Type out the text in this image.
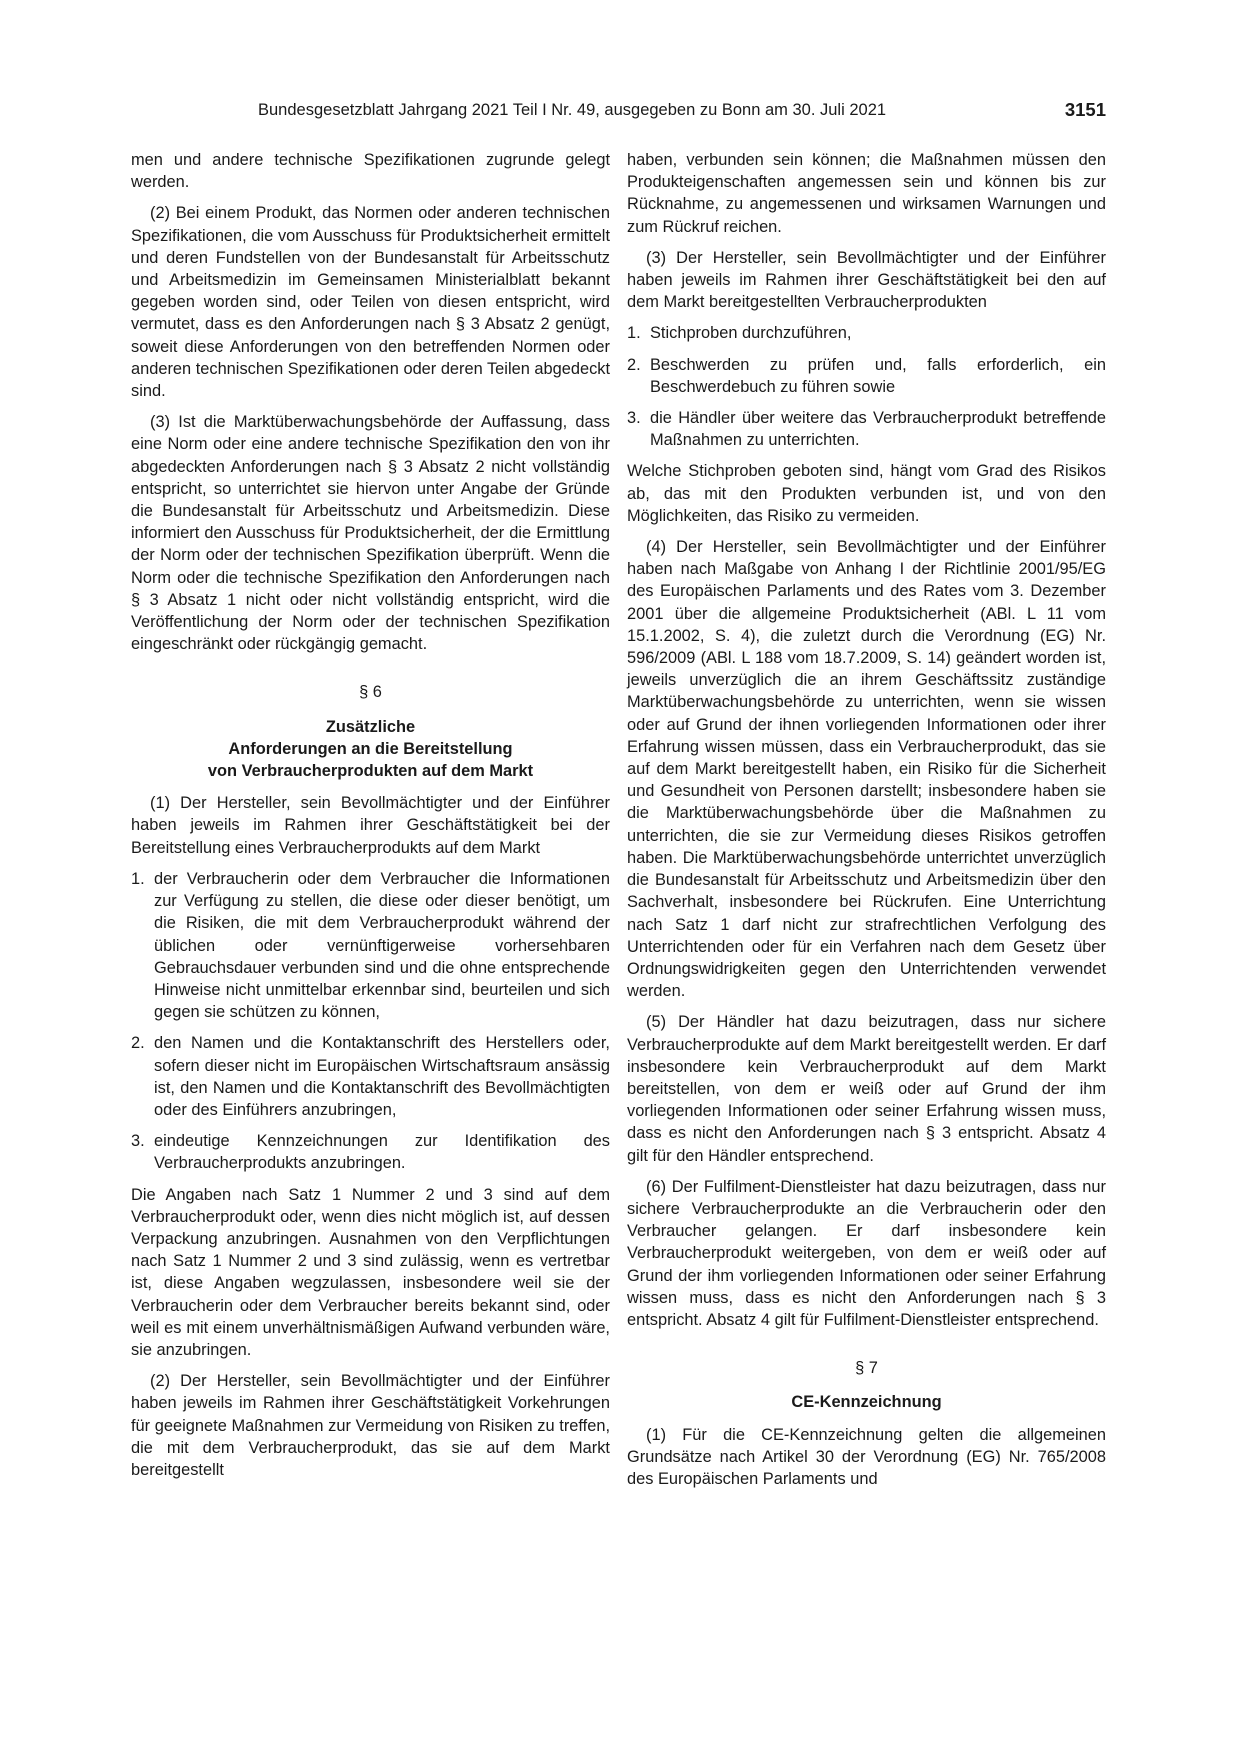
Bundesgesetzblatt Jahrgang 2021 Teil I Nr. 49, ausgegeben zu Bonn am 30. Juli 2021	3151

men und andere technische Spezifikationen zugrunde gelegt werden.

(2) Bei einem Produkt, das Normen oder anderen technischen Spezifikationen, die vom Ausschuss für Produktsicherheit ermittelt und deren Fundstellen von der Bundesanstalt für Arbeitsschutz und Arbeitsmedizin im Gemeinsamen Ministerialblatt bekannt gegeben worden sind, oder Teilen von diesen entspricht, wird vermutet, dass es den Anforderungen nach § 3 Absatz 2 genügt, soweit diese Anforderungen von den betreffenden Normen oder anderen technischen Spezifikationen oder deren Teilen abgedeckt sind.

(3) Ist die Marktüberwachungsbehörde der Auffassung, dass eine Norm oder eine andere technische Spezifikation den von ihr abgedeckten Anforderungen nach § 3 Absatz 2 nicht vollständig entspricht, so unterrichtet sie hiervon unter Angabe der Gründe die Bundesanstalt für Arbeitsschutz und Arbeitsmedizin. Diese informiert den Ausschuss für Produktsicherheit, der die Ermittlung der Norm oder der technischen Spezifikation überprüft. Wenn die Norm oder die technische Spezifikation den Anforderungen nach § 3 Absatz 1 nicht oder nicht vollständig entspricht, wird die Veröffentlichung der Norm oder der technischen Spezifikation eingeschränkt oder rückgängig gemacht.

§ 6
Zusätzliche
Anforderungen an die Bereitstellung
von Verbraucherprodukten auf dem Markt

(1) Der Hersteller, sein Bevollmächtigter und der Einführer haben jeweils im Rahmen ihrer Geschäftstätigkeit bei der Bereitstellung eines Verbraucherprodukts auf dem Markt

1. der Verbraucherin oder dem Verbraucher die Informationen zur Verfügung zu stellen, die diese oder dieser benötigt, um die Risiken, die mit dem Verbraucherprodukt während der üblichen oder vernünftigerweise vorhersehbaren Gebrauchsdauer verbunden sind und die ohne entsprechende Hinweise nicht unmittelbar erkennbar sind, beurteilen und sich gegen sie schützen zu können,
2. den Namen und die Kontaktanschrift des Herstellers oder, sofern dieser nicht im Europäischen Wirtschaftsraum ansässig ist, den Namen und die Kontaktanschrift des Bevollmächtigten oder des Einführers anzubringen,
3. eindeutige Kennzeichnungen zur Identifikation des Verbraucherprodukts anzubringen.

Die Angaben nach Satz 1 Nummer 2 und 3 sind auf dem Verbraucherprodukt oder, wenn dies nicht möglich ist, auf dessen Verpackung anzubringen. Ausnahmen von den Verpflichtungen nach Satz 1 Nummer 2 und 3 sind zulässig, wenn es vertretbar ist, diese Angaben wegzulassen, insbesondere weil sie der Verbraucherin oder dem Verbraucher bereits bekannt sind, oder weil es mit einem unverhältnismäßigen Aufwand verbunden wäre, sie anzubringen.

(2) Der Hersteller, sein Bevollmächtigter und der Einführer haben jeweils im Rahmen ihrer Geschäftstätigkeit Vorkehrungen für geeignete Maßnahmen zur Vermeidung von Risiken zu treffen, die mit dem Verbraucherprodukt, das sie auf dem Markt bereitgestellt

haben, verbunden sein können; die Maßnahmen müssen den Produkteigenschaften angemessen sein und können bis zur Rücknahme, zu angemessenen und wirksamen Warnungen und zum Rückruf reichen.

(3) Der Hersteller, sein Bevollmächtigter und der Einführer haben jeweils im Rahmen ihrer Geschäftstätigkeit bei den auf dem Markt bereitgestellten Verbraucherprodukten

1. Stichproben durchzuführen,
2. Beschwerden zu prüfen und, falls erforderlich, ein Beschwerdebuch zu führen sowie
3. die Händler über weitere das Verbraucherprodukt betreffende Maßnahmen zu unterrichten.

Welche Stichproben geboten sind, hängt vom Grad des Risikos ab, das mit den Produkten verbunden ist, und von den Möglichkeiten, das Risiko zu vermeiden.

(4) Der Hersteller, sein Bevollmächtigter und der Einführer haben nach Maßgabe von Anhang I der Richtlinie 2001/95/EG des Europäischen Parlaments und des Rates vom 3. Dezember 2001 über die allgemeine Produktsicherheit (ABl. L 11 vom 15.1.2002, S. 4), die zuletzt durch die Verordnung (EG) Nr. 596/2009 (ABl. L 188 vom 18.7.2009, S. 14) geändert worden ist, jeweils unverzüglich die an ihrem Geschäftssitz zuständige Marktüberwachungsbehörde zu unterrichten, wenn sie wissen oder auf Grund der ihnen vorliegenden Informationen oder ihrer Erfahrung wissen müssen, dass ein Verbraucherprodukt, das sie auf dem Markt bereitgestellt haben, ein Risiko für die Sicherheit und Gesundheit von Personen darstellt; insbesondere haben sie die Marktüberwachungsbehörde über die Maßnahmen zu unterrichten, die sie zur Vermeidung dieses Risikos getroffen haben. Die Marktüberwachungsbehörde unterrichtet unverzüglich die Bundesanstalt für Arbeitsschutz und Arbeitsmedizin über den Sachverhalt, insbesondere bei Rückrufen. Eine Unterrichtung nach Satz 1 darf nicht zur strafrechtlichen Verfolgung des Unterrichtenden oder für ein Verfahren nach dem Gesetz über Ordnungswidrigkeiten gegen den Unterrichtenden verwendet werden.

(5) Der Händler hat dazu beizutragen, dass nur sichere Verbraucherprodukte auf dem Markt bereitgestellt werden. Er darf insbesondere kein Verbraucherprodukt auf dem Markt bereitstellen, von dem er weiß oder auf Grund der ihm vorliegenden Informationen oder seiner Erfahrung wissen muss, dass es nicht den Anforderungen nach § 3 entspricht. Absatz 4 gilt für den Händler entsprechend.

(6) Der Fulfilment-Dienstleister hat dazu beizutragen, dass nur sichere Verbraucherprodukte an die Verbraucherin oder den Verbraucher gelangen. Er darf insbesondere kein Verbraucherprodukt weitergeben, von dem er weiß oder auf Grund der ihm vorliegenden Informationen oder seiner Erfahrung wissen muss, dass es nicht den Anforderungen nach § 3 entspricht. Absatz 4 gilt für Fulfilment-Dienstleister entsprechend.

§ 7
CE-Kennzeichnung

(1) Für die CE-Kennzeichnung gelten die allgemeinen Grundsätze nach Artikel 30 der Verordnung (EG) Nr. 765/2008 des Europäischen Parlaments und
